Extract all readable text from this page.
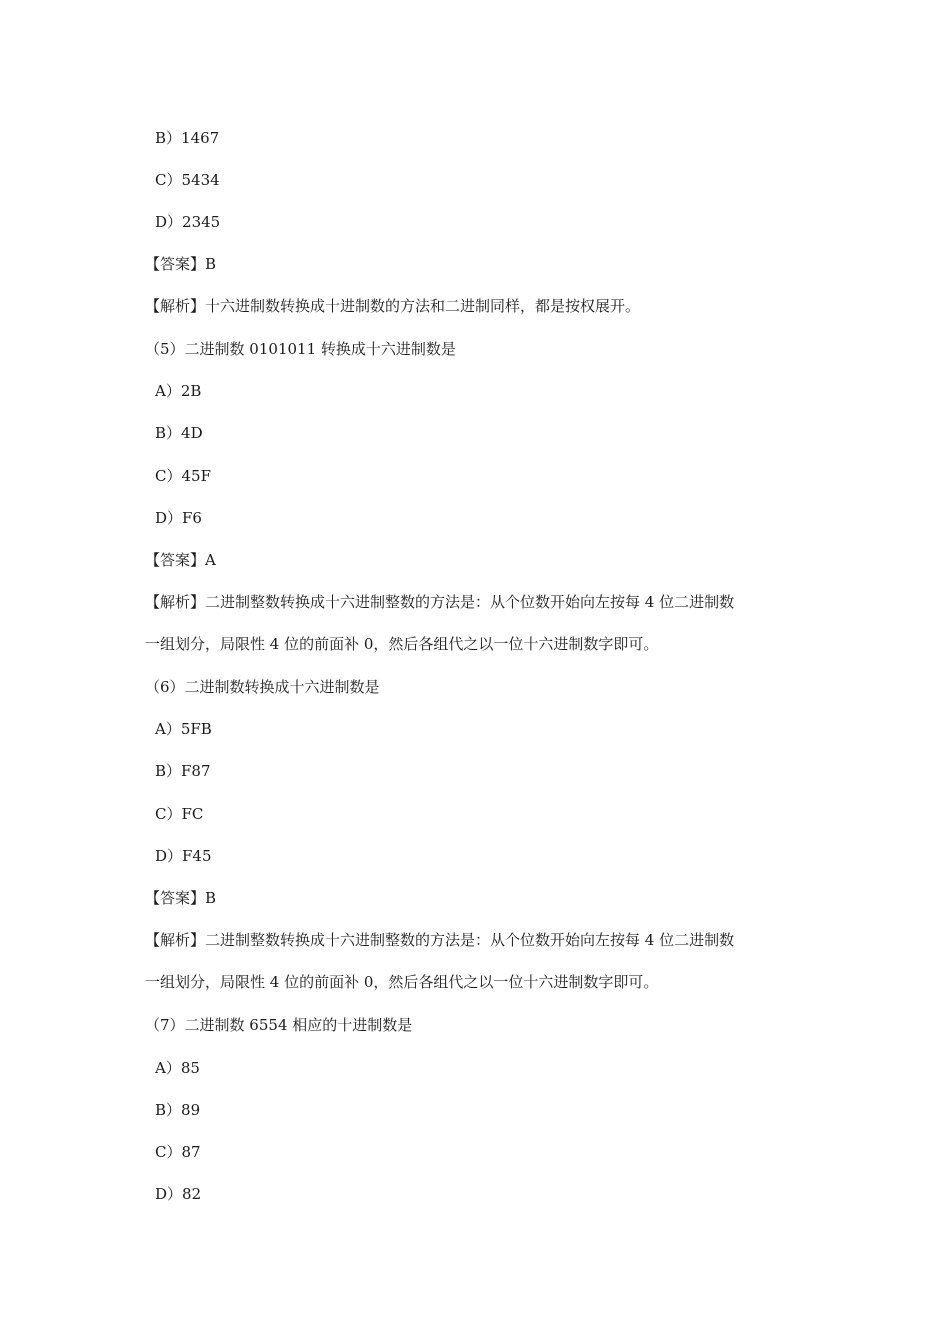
B）1467
C）5434
D）2345
【答案】B
【解析】十六进制数转换成十进制数的方法和二进制同样，都是按权展开。
（5）二进制数 0101011 转换成十六进制数是
A）2B
B）4D
C）45F
D）F6
【答案】A
【解析】二进制整数转换成十六进制整数的方法是：从个位数开始向左按每 4 位二进制数
一组划分，局限性 4 位的前面补 0，然后各组代之以一位十六进制数字即可。
（6）二进制数转换成十六进制数是
A）5FB
B）F87
C）FC
D）F45
【答案】B
【解析】二进制整数转换成十六进制整数的方法是：从个位数开始向左按每 4 位二进制数
一组划分，局限性 4 位的前面补 0，然后各组代之以一位十六进制数字即可。
（7）二进制数 6554 相应的十进制数是
A）85
B）89
C）87
D）82
